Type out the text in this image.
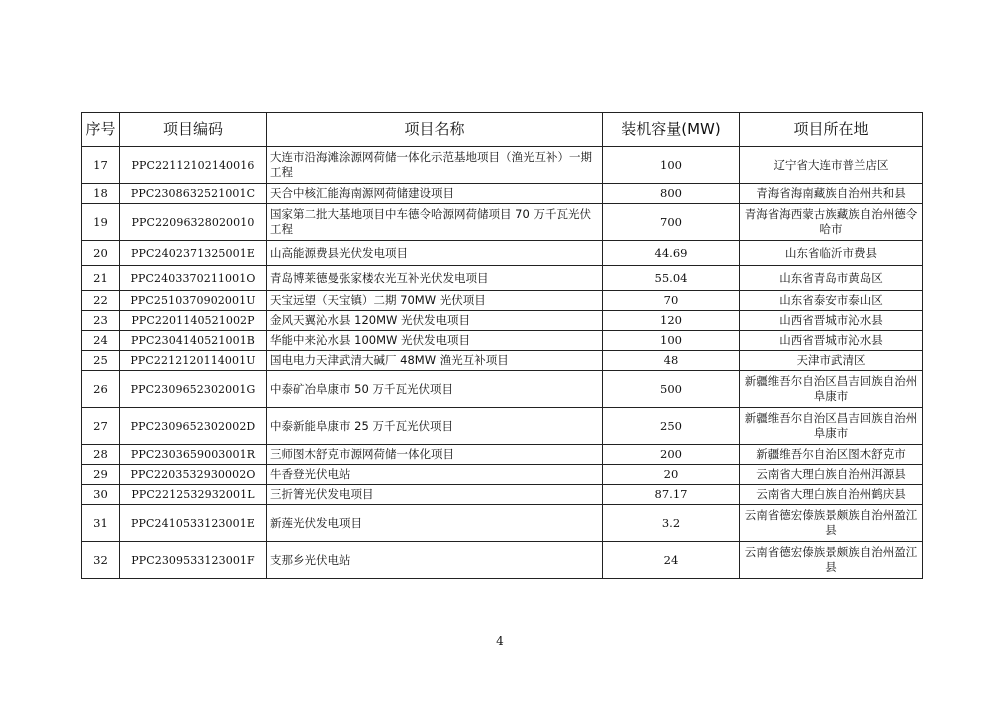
序号	项目编码	项目名称	装机容量(MW)	项目所在地
17	PPC22112102140016	大连市沿海滩涂源网荷储一体化示范基地项目（渔光互补）一期工程	100	辽宁省大连市普兰店区
18	PPC2308632521001C	天合中核汇能海南源网荷储建设项目	800	青海省海南藏族自治州共和县
19	PPC22096328020010	国家第二批大基地项目中车德令哈源网荷储项目 70 万千瓦光伏工程	700	青海省海西蒙古族藏族自治州德令哈市
20	PPC2402371325001E	山高能源费县光伏发电项目	44.69	山东省临沂市费县
21	PPC2403370211001O	青岛博莱德曼张家楼农光互补光伏发电项目	55.04	山东省青岛市黄岛区
22	PPC2510370902001U	天宝远望（天宝镇）二期 70MW 光伏项目	70	山东省泰安市泰山区
23	PPC2201140521002P	金风天翼沁水县 120MW 光伏发电项目	120	山西省晋城市沁水县
24	PPC2304140521001B	华能中来沁水县 100MW 光伏发电项目	100	山西省晋城市沁水县
25	PPC2212120114001U	国电电力天津武清大碱厂 48MW 渔光互补项目	48	天津市武清区
26	PPC2309652302001G	中泰矿冶阜康市 50 万千瓦光伏项目	500	新疆维吾尔自治区昌吉回族自治州阜康市
27	PPC2309652302002D	中泰新能阜康市 25 万千瓦光伏项目	250	新疆维吾尔自治区昌吉回族自治州阜康市
28	PPC2303659003001R	三师图木舒克市源网荷储一体化项目	200	新疆维吾尔自治区图木舒克市
29	PPC2203532930002O	牛香登光伏电站	20	云南省大理白族自治州洱源县
30	PPC2212532932001L	三折箐光伏发电项目	87.17	云南省大理白族自治州鹤庆县
31	PPC2410533123001E	新莲光伏发电项目	3.2	云南省德宏傣族景颇族自治州盈江县
32	PPC2309533123001F	支那乡光伏电站	24	云南省德宏傣族景颇族自治州盈江县
4
